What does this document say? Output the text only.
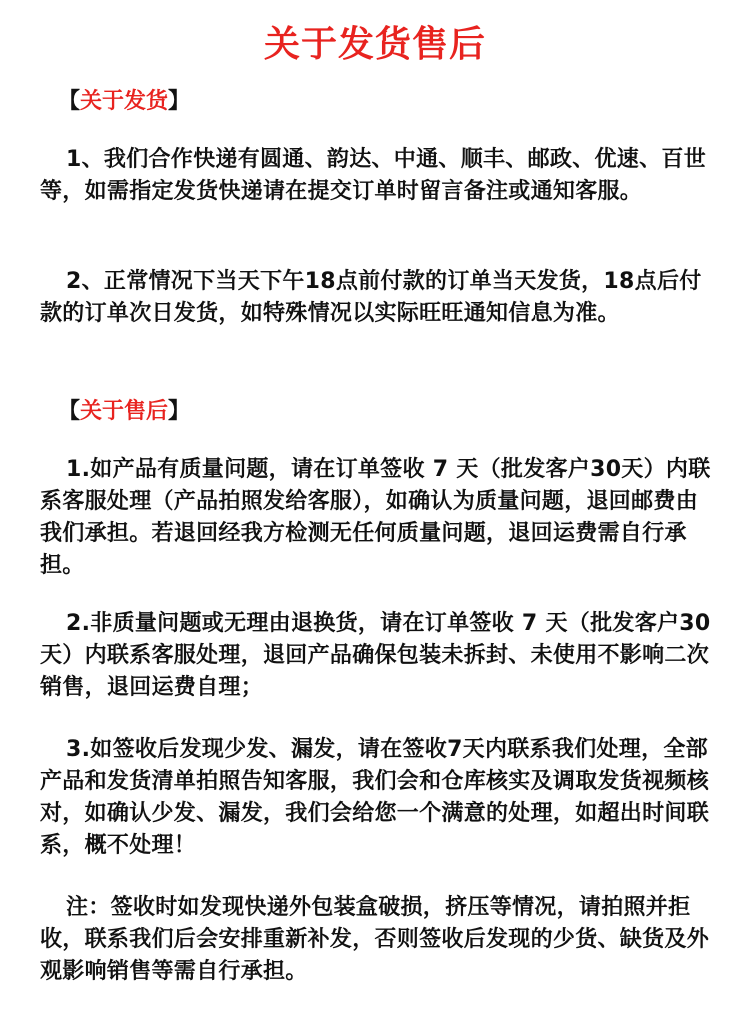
关于发货售后
【关于发货】

1、我们合作快递有圆通、韵达、中通、顺丰、邮政、优速、百世等，如需指定发货快递请在提交订单时留言备注或通知客服。

2、正常情况下当天下午18点前付款的订单当天发货，18点后付款的订单次日发货，如特殊情况以实际旺旺通知信息为准。

【关于售后】

1.如产品有质量问题，请在订单签收 7 天（批发客户30天）内联系客服处理（产品拍照发给客服），如确认为质量问题，退回邮费由我们承担。若退回经我方检测无任何质量问题，退回运费需自行承担。

2.非质量问题或无理由退换货，请在订单签收 7 天（批发客户30天）内联系客服处理，退回产品确保包装未拆封、未使用不影响二次销售，退回运费自理；

3.如签收后发现少发、漏发，请在签收7天内联系我们处理，全部产品和发货清单拍照告知客服，我们会和仓库核实及调取发货视频核对，如确认少发、漏发，我们会给您一个满意的处理，如超出时间联系，概不处理！

注：签收时如发现快递外包装盒破损，挤压等情况，请拍照并拒收，联系我们后会安排重新补发，否则签收后发现的少货、缺货及外观影响销售等需自行承担。
